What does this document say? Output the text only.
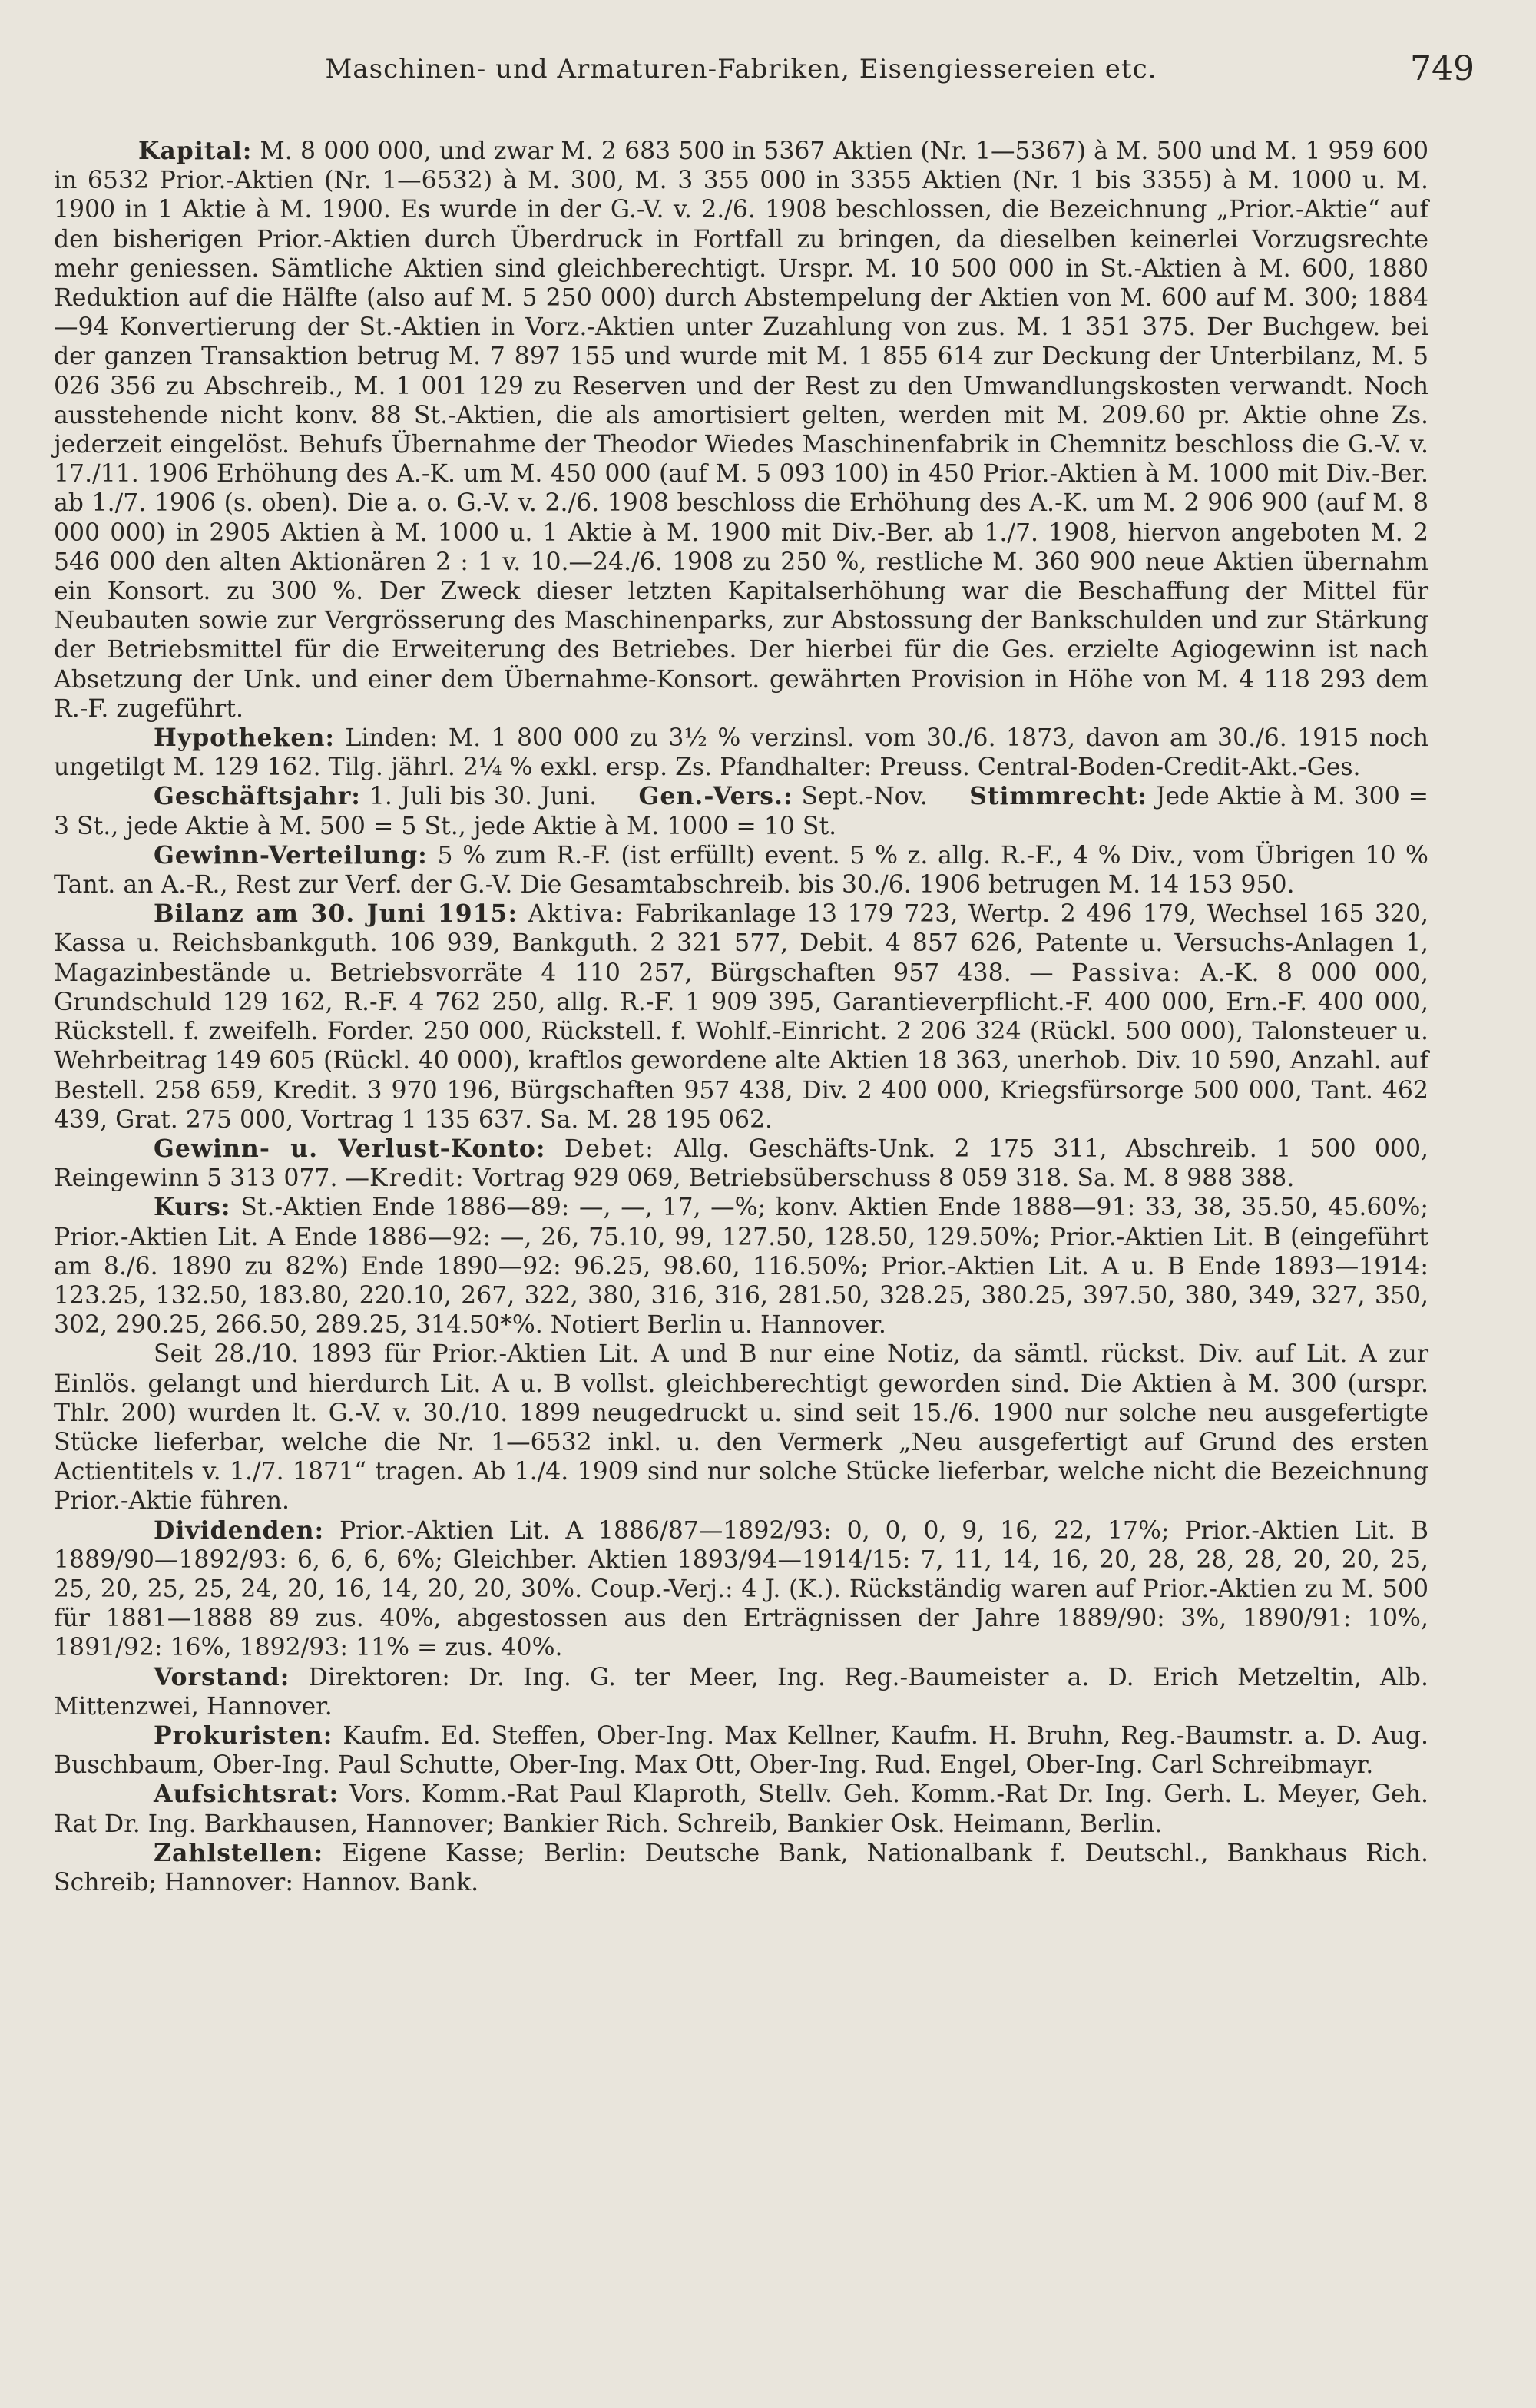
Maschinen- und Armaturen-Fabriken, Eisengiessereien etc.	749

Kapital: M. 8 000 000, und zwar M. 2 683 500 in 5367 Aktien (Nr. 1—5367) à M. 500 und M. 1 959 600 in 6532 Prior.-Aktien (Nr. 1—6532) à M. 300, M. 3 355 000 in 3355 Aktien (Nr. 1 bis 3355) à M. 1000 u. M. 1900 in 1 Aktie à M. 1900. Es wurde in der G.-V. v. 2./6. 1908 beschlossen, die Bezeichnung „Prior.-Aktie“ auf den bisherigen Prior.-Aktien durch Überdruck in Fortfall zu bringen, da dieselben keinerlei Vorzugsrechte mehr geniessen. Sämtliche Aktien sind gleichberechtigt. Urspr. M. 10 500 000 in St.-Aktien à M. 600, 1880 Reduktion auf die Hälfte (also auf M. 5 250 000) durch Abstempelung der Aktien von M. 600 auf M. 300; 1884—94 Konvertierung der St.-Aktien in Vorz.-Aktien unter Zuzahlung von zus. M. 1 351 375. Der Buchgew. bei der ganzen Transaktion betrug M. 7 897 155 und wurde mit M. 1 855 614 zur Deckung der Unterbilanz, M. 5 026 356 zu Abschreib., M. 1 001 129 zu Reserven und der Rest zu den Umwandlungskosten verwandt. Noch ausstehende nicht konv. 88 St.-Aktien, die als amortisiert gelten, werden mit M. 209.60 pr. Aktie ohne Zs. jederzeit eingelöst. Behufs Übernahme der Theodor Wiedes Maschinenfabrik in Chemnitz beschloss die G.-V. v. 17./11. 1906 Erhöhung des A.-K. um M. 450 000 (auf M. 5 093 100) in 450 Prior.-Aktien à M. 1000 mit Div.-Ber. ab 1./7. 1906 (s. oben). Die a. o. G.-V. v. 2./6. 1908 beschloss die Erhöhung des A.-K. um M. 2 906 900 (auf M. 8 000 000) in 2905 Aktien à M. 1000 u. 1 Aktie à M. 1900 mit Div.-Ber. ab 1./7. 1908, hiervon angeboten M. 2 546 000 den alten Aktionären 2 : 1 v. 10.—24./6. 1908 zu 250 %, restliche M. 360 900 neue Aktien übernahm ein Konsort. zu 300 %. Der Zweck dieser letzten Kapitalserhöhung war die Beschaffung der Mittel für Neubauten sowie zur Vergrösserung des Maschinenparks, zur Abstossung der Bankschulden und zur Stärkung der Betriebsmittel für die Erweiterung des Betriebes. Der hierbei für die Ges. erzielte Agiogewinn ist nach Absetzung der Unk. und einer dem Übernahme-Konsort. gewährten Provision in Höhe von M. 4 118 293 dem R.-F. zugeführt.

Hypotheken: Linden: M. 1 800 000 zu 3½ % verzinsl. vom 30./6. 1873, davon am 30./6. 1915 noch ungetilgt M. 129 162. Tilg. jährl. 2¼ % exkl. ersp. Zs. Pfandhalter: Preuss. Central-Boden-Credit-Akt.-Ges.

Geschäftsjahr: 1. Juli bis 30. Juni. Gen.-Vers.: Sept.-Nov. Stimmrecht: Jede Aktie à M. 300 = 3 St., jede Aktie à M. 500 = 5 St., jede Aktie à M. 1000 = 10 St.

Gewinn-Verteilung: 5 % zum R.-F. (ist erfüllt) event. 5 % z. allg. R.-F., 4 % Div., vom Übrigen 10 % Tant. an A.-R., Rest zur Verf. der G.-V. Die Gesamtabschreib. bis 30./6. 1906 betrugen M. 14 153 950.

Bilanz am 30. Juni 1915: Aktiva: Fabrikanlage 13 179 723, Wertp. 2 496 179, Wechsel 165 320, Kassa u. Reichsbankguth. 106 939, Bankguth. 2 321 577, Debit. 4 857 626, Patente u. Versuchs-Anlagen 1, Magazinbestände u. Betriebsvorräte 4 110 257, Bürgschaften 957 438. — Passiva: A.-K. 8 000 000, Grundschuld 129 162, R.-F. 4 762 250, allg. R.-F. 1 909 395, Garantieverpflicht.-F. 400 000, Ern.-F. 400 000, Rückstell. f. zweifelh. Forder. 250 000, Rückstell. f. Wohlf.-Einricht. 2 206 324 (Rückl. 500 000), Talonsteuer u. Wehrbeitrag 149 605 (Rückl. 40 000), kraftlos gewordene alte Aktien 18 363, unerhob. Div. 10 590, Anzahl. auf Bestell. 258 659, Kredit. 3 970 196, Bürgschaften 957 438, Div. 2 400 000, Kriegsfürsorge 500 000, Tant. 462 439, Grat. 275 000, Vortrag 1 135 637. Sa. M. 28 195 062.

Gewinn- u. Verlust-Konto: Debet: Allg. Geschäfts-Unk. 2 175 311, Abschreib. 1 500 000, Reingewinn 5 313 077. —Kredit: Vortrag 929 069, Betriebsüberschuss 8 059 318. Sa. M. 8 988 388.

Kurs: St.-Aktien Ende 1886—89: —, —, 17, —%; konv. Aktien Ende 1888—91: 33, 38, 35.50, 45.60%; Prior.-Aktien Lit. A Ende 1886—92: —, 26, 75.10, 99, 127.50, 128.50, 129.50%; Prior.-Aktien Lit. B (eingeführt am 8./6. 1890 zu 82%) Ende 1890—92: 96.25, 98.60, 116.50%; Prior.-Aktien Lit. A u. B Ende 1893—1914: 123.25, 132.50, 183.80, 220.10, 267, 322, 380, 316, 316, 281.50, 328.25, 380.25, 397.50, 380, 349, 327, 350, 302, 290.25, 266.50, 289.25, 314.50*%. Notiert Berlin u. Hannover.

Seit 28./10. 1893 für Prior.-Aktien Lit. A und B nur eine Notiz, da sämtl. rückst. Div. auf Lit. A zur Einlös. gelangt und hierdurch Lit. A u. B vollst. gleichberechtigt geworden sind. Die Aktien à M. 300 (urspr. Thlr. 200) wurden lt. G.-V. v. 30./10. 1899 neugedruckt u. sind seit 15./6. 1900 nur solche neu ausgefertigte Stücke lieferbar, welche die Nr. 1—6532 inkl. u. den Vermerk „Neu ausgefertigt auf Grund des ersten Actientitels v. 1./7. 1871“ tragen. Ab 1./4. 1909 sind nur solche Stücke lieferbar, welche nicht die Bezeichnung Prior.-Aktie führen.

Dividenden: Prior.-Aktien Lit. A 1886/87—1892/93: 0, 0, 0, 9, 16, 22, 17%; Prior.-Aktien Lit. B 1889/90—1892/93: 6, 6, 6, 6%; Gleichber. Aktien 1893/94—1914/15: 7, 11, 14, 16, 20, 28, 28, 28, 20, 20, 25, 25, 20, 25, 25, 24, 20, 16, 14, 20, 20, 30%. Coup.-Verj.: 4 J. (K.). Rückständig waren auf Prior.-Aktien zu M. 500 für 1881—1888 89 zus. 40%, abgestossen aus den Erträgnissen der Jahre 1889/90: 3%, 1890/91: 10%, 1891/92: 16%, 1892/93: 11% = zus. 40%.

Vorstand: Direktoren: Dr. Ing. G. ter Meer, Ing. Reg.-Baumeister a. D. Erich Metzeltin, Alb. Mittenzwei, Hannover.

Prokuristen: Kaufm. Ed. Steffen, Ober-Ing. Max Kellner, Kaufm. H. Bruhn, Reg.-Baumstr. a. D. Aug. Buschbaum, Ober-Ing. Paul Schutte, Ober-Ing. Max Ott, Ober-Ing. Rud. Engel, Ober-Ing. Carl Schreibmayr.

Aufsichtsrat: Vors. Komm.-Rat Paul Klaproth, Stellv. Geh. Komm.-Rat Dr. Ing. Gerh. L. Meyer, Geh. Rat Dr. Ing. Barkhausen, Hannover; Bankier Rich. Schreib, Bankier Osk. Heimann, Berlin.

Zahlstellen: Eigene Kasse; Berlin: Deutsche Bank, Nationalbank f. Deutschl., Bankhaus Rich. Schreib; Hannover: Hannov. Bank.
